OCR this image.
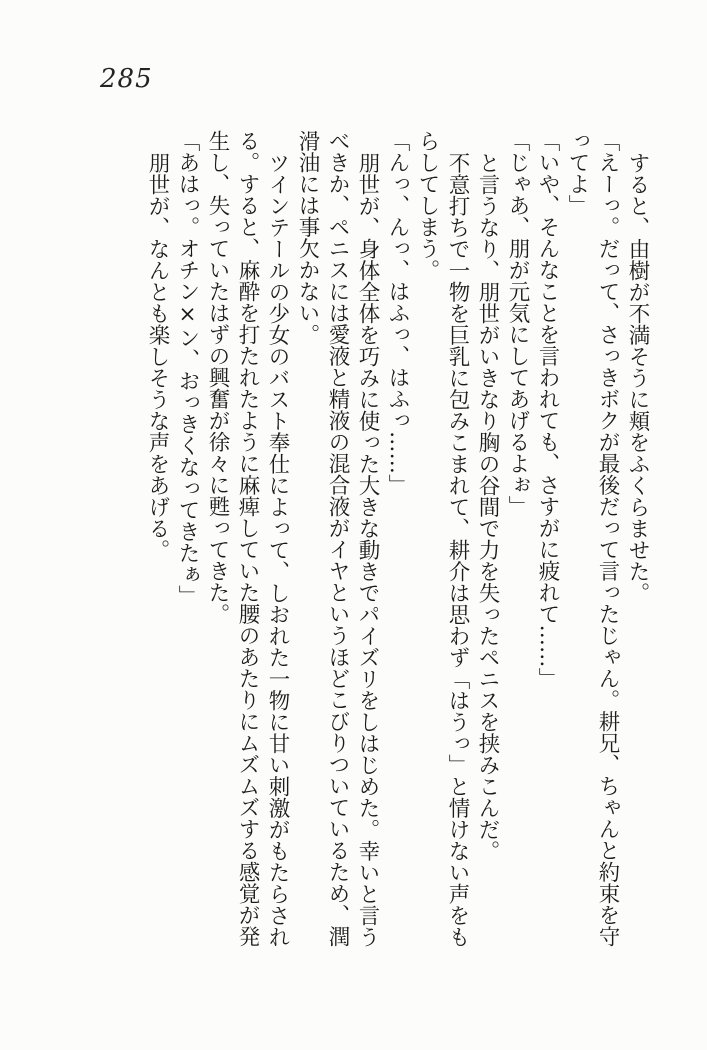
285

すると、由樹が不満そうに頬をふくらませた。

「えーっ。だって、さっきボクが最後だって言ったじゃん。耕兄、ちゃんと約束を守ってよ」

「いや、そんなことを言われても、さすがに疲れて……」

「じゃあ、朋が元気にしてあげるよぉ」

と言うなり、朋世がいきなり胸の谷間で力を失ったペニスを挟みこんだ。

不意打ちで一物を巨乳に包みこまれて、耕介は思わず「はうっ」と情けない声をもらしてしまう。

「んっ、んっ、はふっ、はふっ……」

朋世が、身体全体を巧みに使った大きな動きでパイズリをしはじめた。幸いと言うべきか、ペニスには愛液と精液の混合液がイヤというほどこびりついているため、潤滑油には事欠かない。

ツインテールの少女のバスト奉仕によって、しおれた一物に甘い刺激がもたらされる。すると、麻酔を打たれたように麻痺していた腰のあたりにムズムズする感覚が発生し、失っていたはずの興奮が徐々に甦ってきた。

「あはっ。オチン×ン、おっきくなってきたぁ」

朋世が、なんとも楽しそうな声をあげる。
